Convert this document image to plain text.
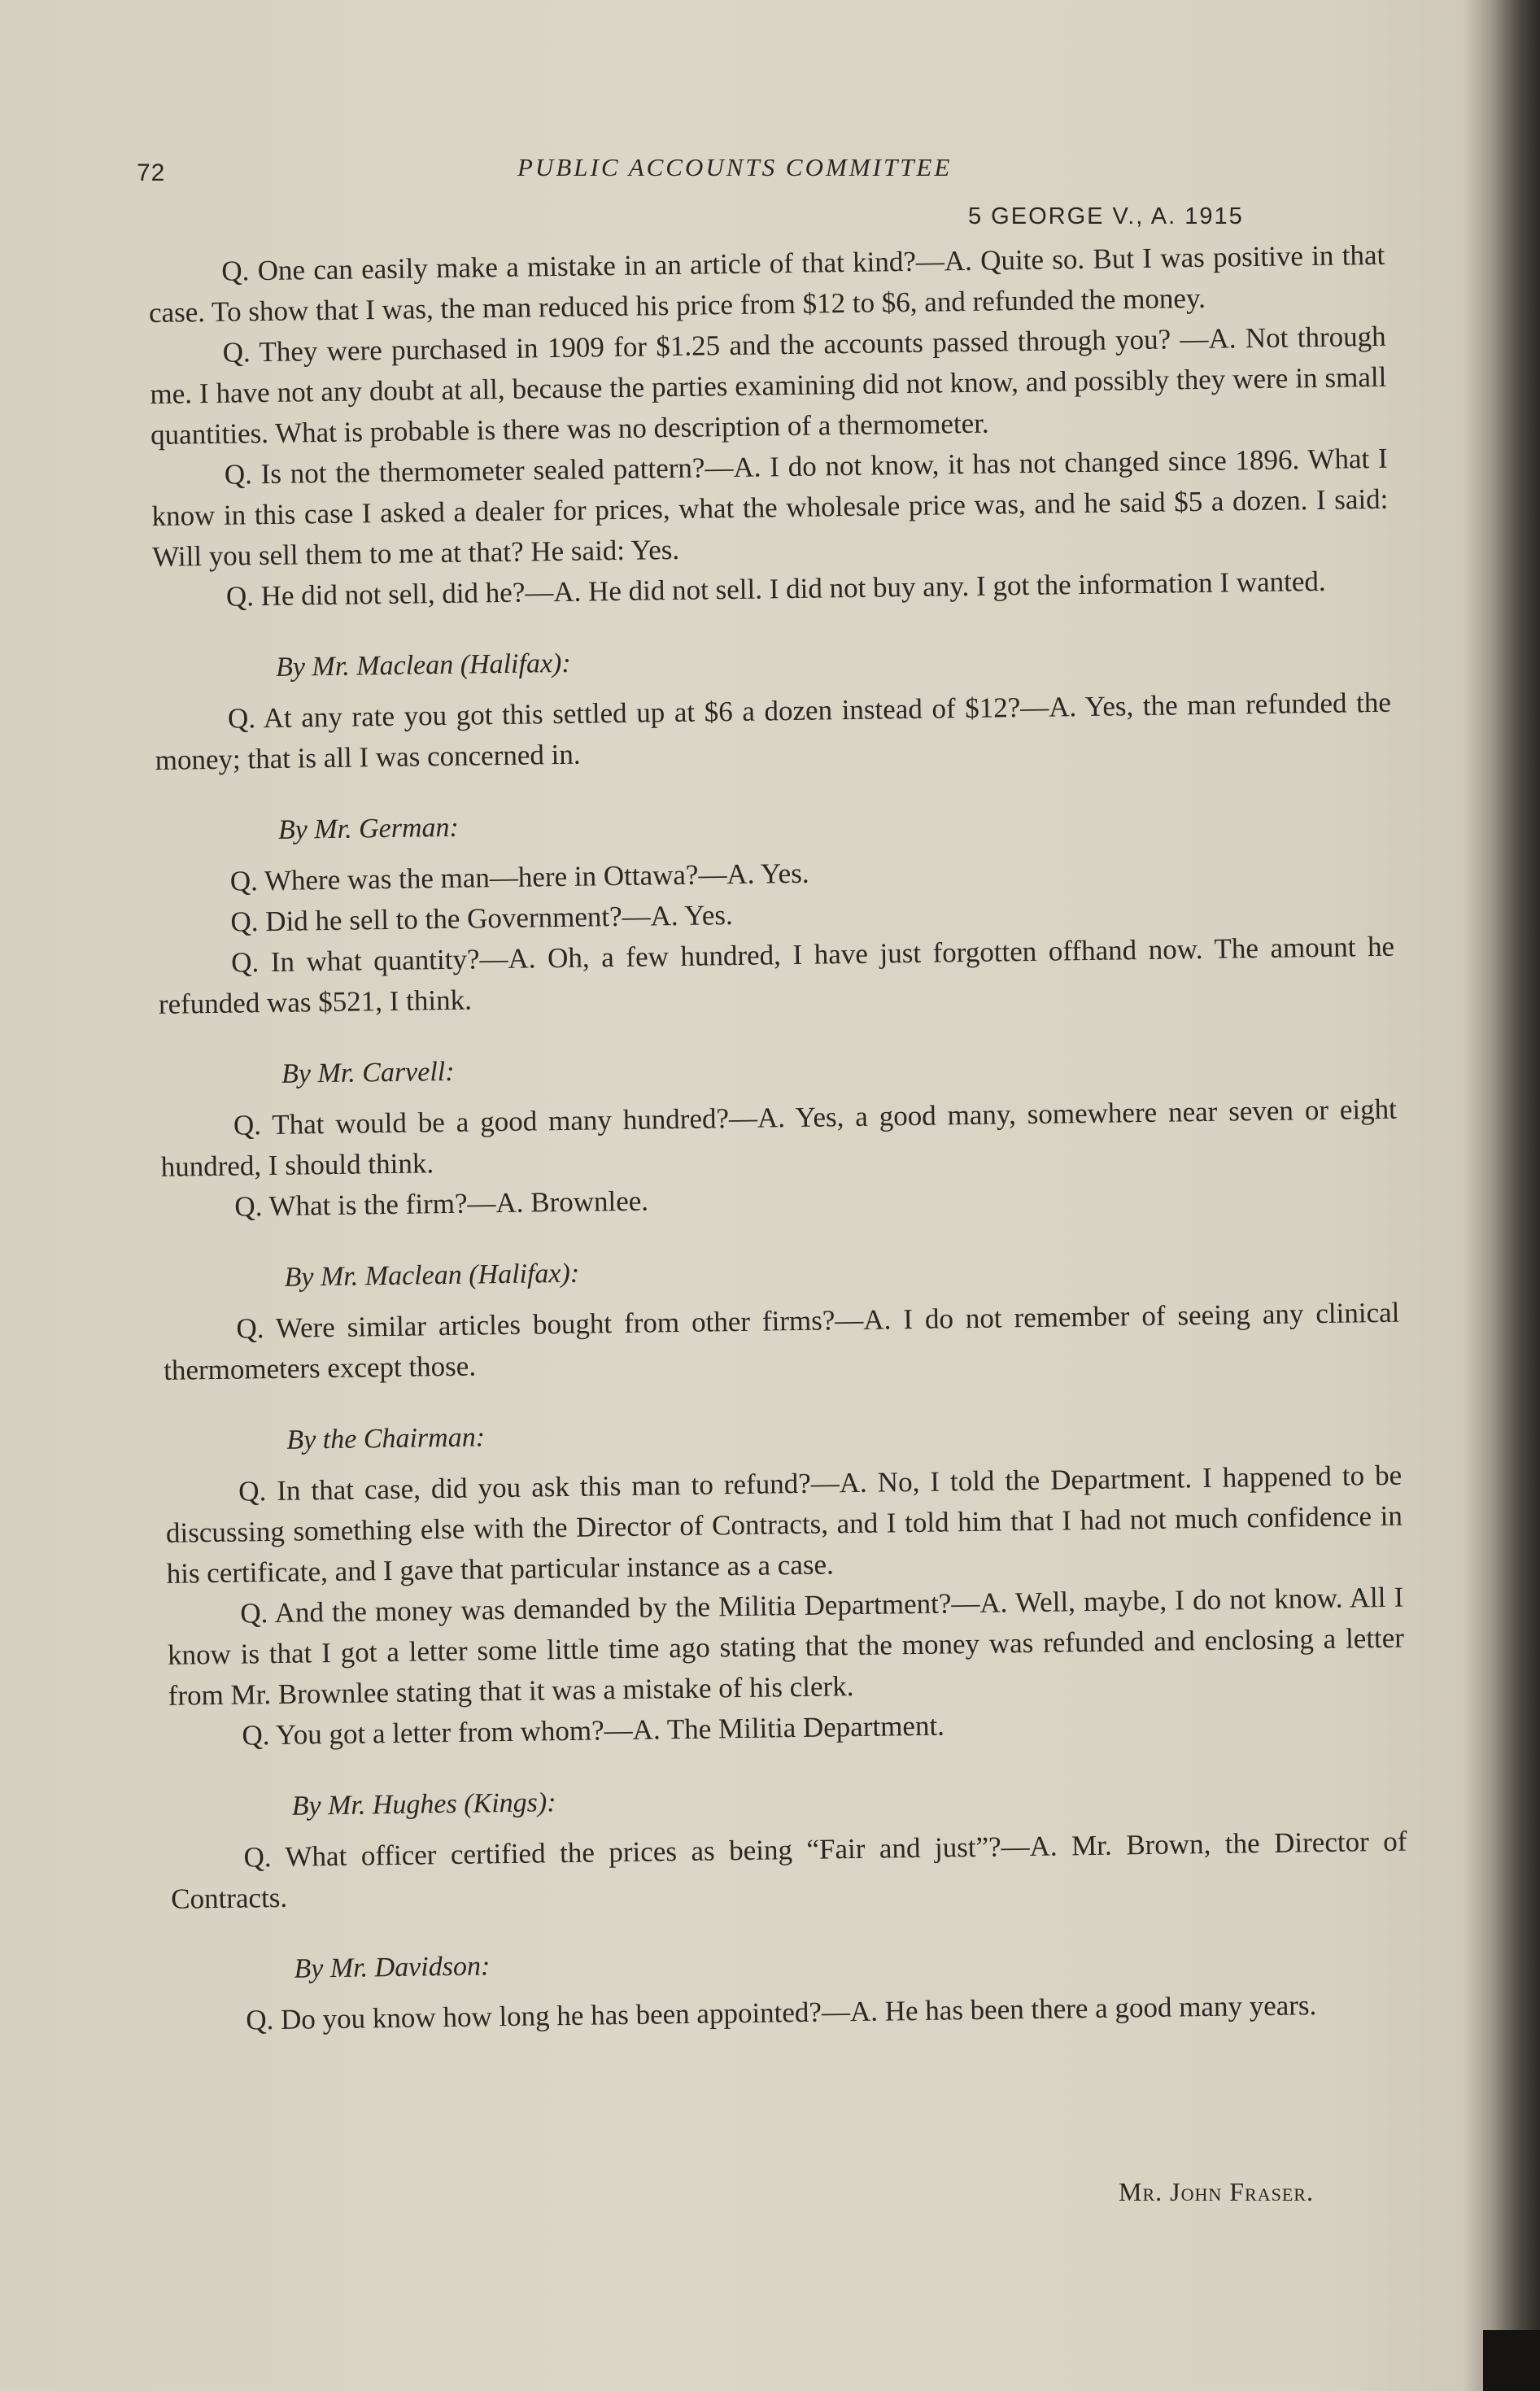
72	PUBLIC ACCOUNTS COMMITTEE
5 GEORGE V., A. 1915

Q. One can easily make a mistake in an article of that kind?—A. Quite so. But I was positive in that case. To show that I was, the man reduced his price from $12 to $6, and refunded the money.

Q. They were purchased in 1909 for $1.25 and the accounts passed through you? —A. Not through me. I have not any doubt at all, because the parties examining did not know, and possibly they were in small quantities. What is probable is there was no description of a thermometer.

Q. Is not the thermometer sealed pattern?—A. I do not know, it has not changed since 1896. What I know in this case I asked a dealer for prices, what the wholesale price was, and he said $5 a dozen. I said: Will you sell them to me at that? He said: Yes.

Q. He did not sell, did he?—A. He did not sell. I did not buy any. I got the information I wanted.

By Mr. Maclean (Halifax):

Q. At any rate you got this settled up at $6 a dozen instead of $12?—A. Yes, the man refunded the money; that is all I was concerned in.

By Mr. German:

Q. Where was the man—here in Ottawa?—A. Yes.

Q. Did he sell to the Government?—A. Yes.

Q. In what quantity?—A. Oh, a few hundred, I have just forgotten offhand now. The amount he refunded was $521, I think.

By Mr. Carvell:

Q. That would be a good many hundred?—A. Yes, a good many, somewhere near seven or eight hundred, I should think.

Q. What is the firm?—A. Brownlee.

By Mr. Maclean (Halifax):

Q. Were similar articles bought from other firms?—A. I do not remember of seeing any clinical thermometers except those.

By the Chairman:

Q. In that case, did you ask this man to refund?—A. No, I told the Department. I happened to be discussing something else with the Director of Contracts, and I told him that I had not much confidence in his certificate, and I gave that particular instance as a case.

Q. And the money was demanded by the Militia Department?—A. Well, maybe, I do not know. All I know is that I got a letter some little time ago stating that the money was refunded and enclosing a letter from Mr. Brownlee stating that it was a mistake of his clerk.

Q. You got a letter from whom?—A. The Militia Department.

By Mr. Hughes (Kings):

Q. What officer certified the prices as being “Fair and just”?—A. Mr. Brown, the Director of Contracts.

By Mr. Davidson:

Q. Do you know how long he has been appointed?—A. He has been there a good many years.

Mr. John Fraser.
